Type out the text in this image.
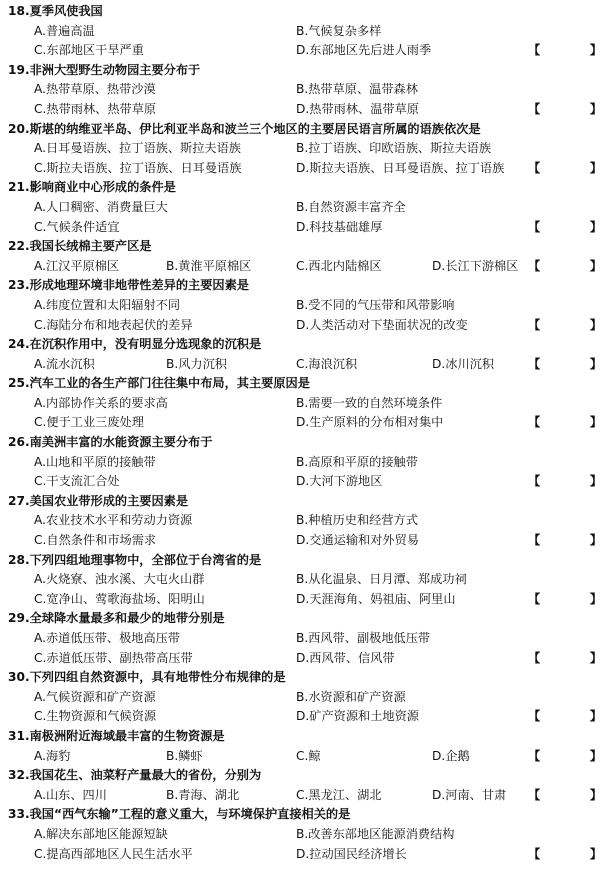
18.夏季风使我国
A.普遍高温	B.气候复杂多样
C.东部地区干旱严重	D.东部地区先后进人雨季	【	】
19.非洲大型野生动物园主要分布于
A.热带草原、热带沙漠	B.热带草原、温带森林
C.热带雨林、热带草原	D.热带雨林、温带草原	【	】
20.斯堪的纳维亚半岛、伊比利亚半岛和波兰三个地区的主要居民语言所属的语族依次是
A.日耳曼语族、拉丁语族、斯拉夫语族	B.拉丁语族、印欧语族、斯拉夫语族
C.斯拉夫语族、拉丁语族、日耳曼语族	D.斯拉夫语族、日耳曼语族、拉丁语族 【	】
21.影响商业中心形成的条件是
A.人口稠密、消费量巨大	B.自然资源丰富齐全
C.气候条件适宜	D.科技基础雄厚	【	】
22.我国长绒棉主要产区是
A.江汉平原棉区	B.黄淮平原棉区	C.西北内陆棉区	D.长江下游棉区 【	】
23.形成地理环境非地带性差异的主要因素是
A.纬度位置和太阳辐射不同	B.受不同的气压带和风带影响
C.海陆分布和地表起伏的差异	D.人类活动对下垫面状况的改变	【	】
24.在沉积作用中，没有明显分选现象的沉积是
A.流水沉积	B.风力沉积	C.海浪沉积	D.冰川沉积	【	】
25.汽车工业的各生产部门往往集中布局，其主要原因是
A.内部协作关系的要求高	B.需要一致的自然环境条件
C.便于工业三废处理	D.生产原料的分布相对集中	【	】
26.南美洲丰富的水能资源主要分布于
A.山地和平原的接触带	B.高原和平原的接触带
C.干支流汇合处	D.大河下游地区	【	】
27.美国农业带形成的主要因素是
A.农业技术水平和劳动力资源	B.种植历史和经营方式
C.自然条件和市场需求	D.交通运输和对外贸易	【	】
28.下列四组地理事物中，全部位于台湾省的是
A.火烧寮、浊水溪、大屯火山群	B.从化温泉、日月潭、郑成功祠
C.宽净山、莺歌海盐场、阳明山	D.天涯海角、妈祖庙、阿里山	【	】
29.全球降水量最多和最少的地带分别是
A.赤道低压带、极地高压带	B.西风带、副极地低压带
C.赤道低压带、副热带高压带	D.西风带、信风带	【	】
30.下列四组自然资源中，具有地带性分布规律的是
A.气候资源和矿产资源	B.水资源和矿产资源
C.生物资源和气候资源	D.矿产资源和土地资源	【	】
31.南极洲附近海域最丰富的生物资源是
A.海豹	B.鳞虾	C.鲸	D.企鹅	【	】
32.我国花生、油菜籽产量最大的省份，分别为
A.山东、四川	B.青海、湖北	C.黑龙江、湖北	D.河南、甘肃 【	】
33.我国“西气东输”工程的意义重大，与环境保护直接相关的是
A.解决东部地区能源短缺	B.改善东部地区能源消费结构
C.提高西部地区人民生活水平	D.拉动国民经济增长	【	】
